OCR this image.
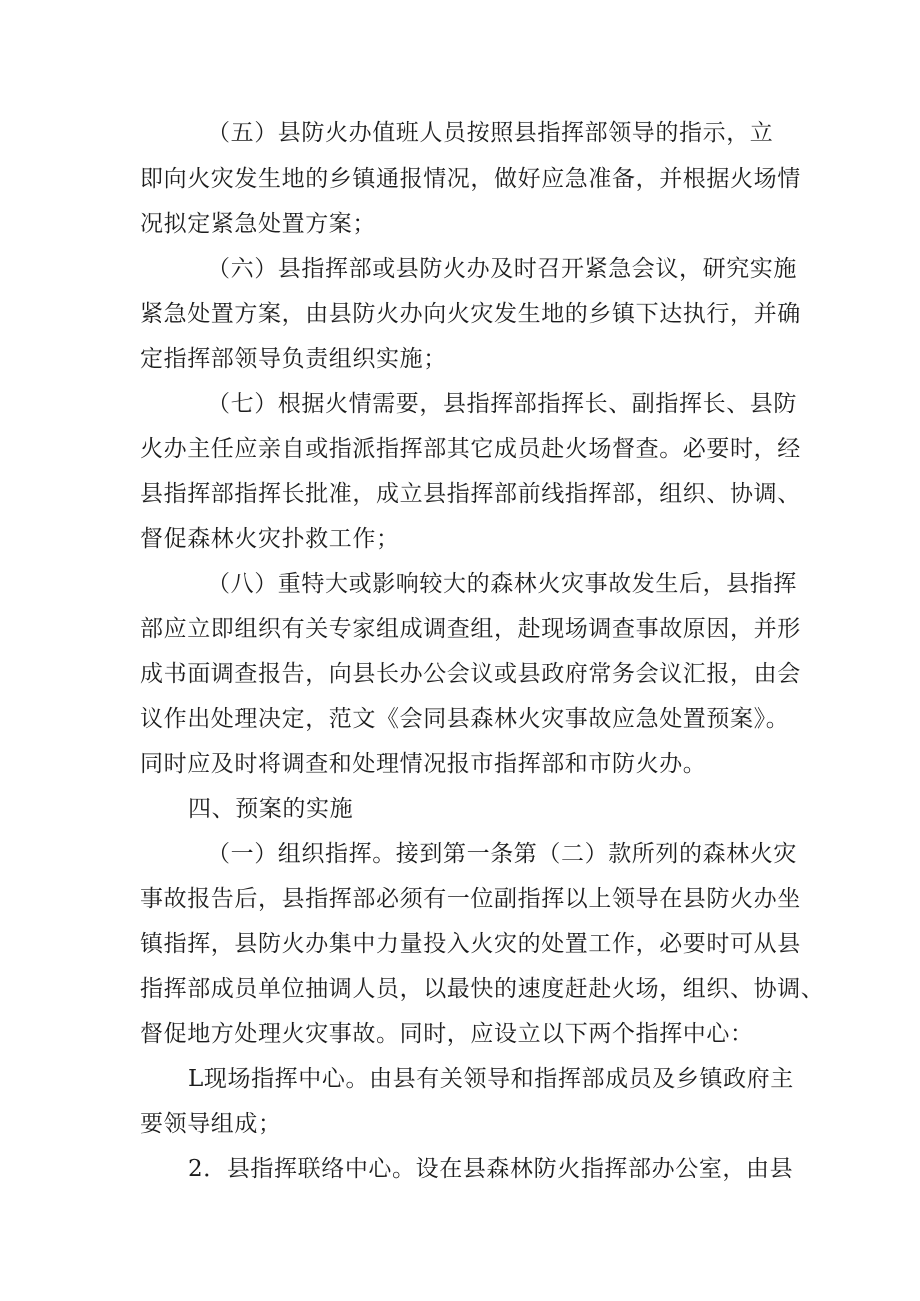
（五）县防火办值班人员按照县指挥部领导的指示，立
即向火灾发生地的乡镇通报情况，做好应急准备，并根据火场情
况拟定紧急处置方案；
（六）县指挥部或县防火办及时召开紧急会议，研究实施
紧急处置方案，由县防火办向火灾发生地的乡镇下达执行，并确
定指挥部领导负责组织实施；
（七）根据火情需要，县指挥部指挥长、副指挥长、县防
火办主任应亲自或指派指挥部其它成员赴火场督查。必要时，经
县指挥部指挥长批准，成立县指挥部前线指挥部，组织、协调、
督促森林火灾扑救工作；
（八）重特大或影响较大的森林火灾事故发生后，县指挥
部应立即组织有关专家组成调查组，赴现场调查事故原因，并形
成书面调查报告，向县长办公会议或县政府常务会议汇报，由会
议作出处理决定，范文《会同县森林火灾事故应急处置预案》。
同时应及时将调查和处理情况报市指挥部和市防火办。
四、预案的实施
（一）组织指挥。接到第一条第（二）款所列的森林火灾
事故报告后，县指挥部必须有一位副指挥以上领导在县防火办坐
镇指挥，县防火办集中力量投入火灾的处置工作，必要时可从县
指挥部成员单位抽调人员，以最快的速度赶赴火场，组织、协调、
督促地方处理火灾事故。同时，应设立以下两个指挥中心：
L现场指挥中心。由县有关领导和指挥部成员及乡镇政府主
要领导组成；
2．县指挥联络中心。设在县森林防火指挥部办公室，由县
